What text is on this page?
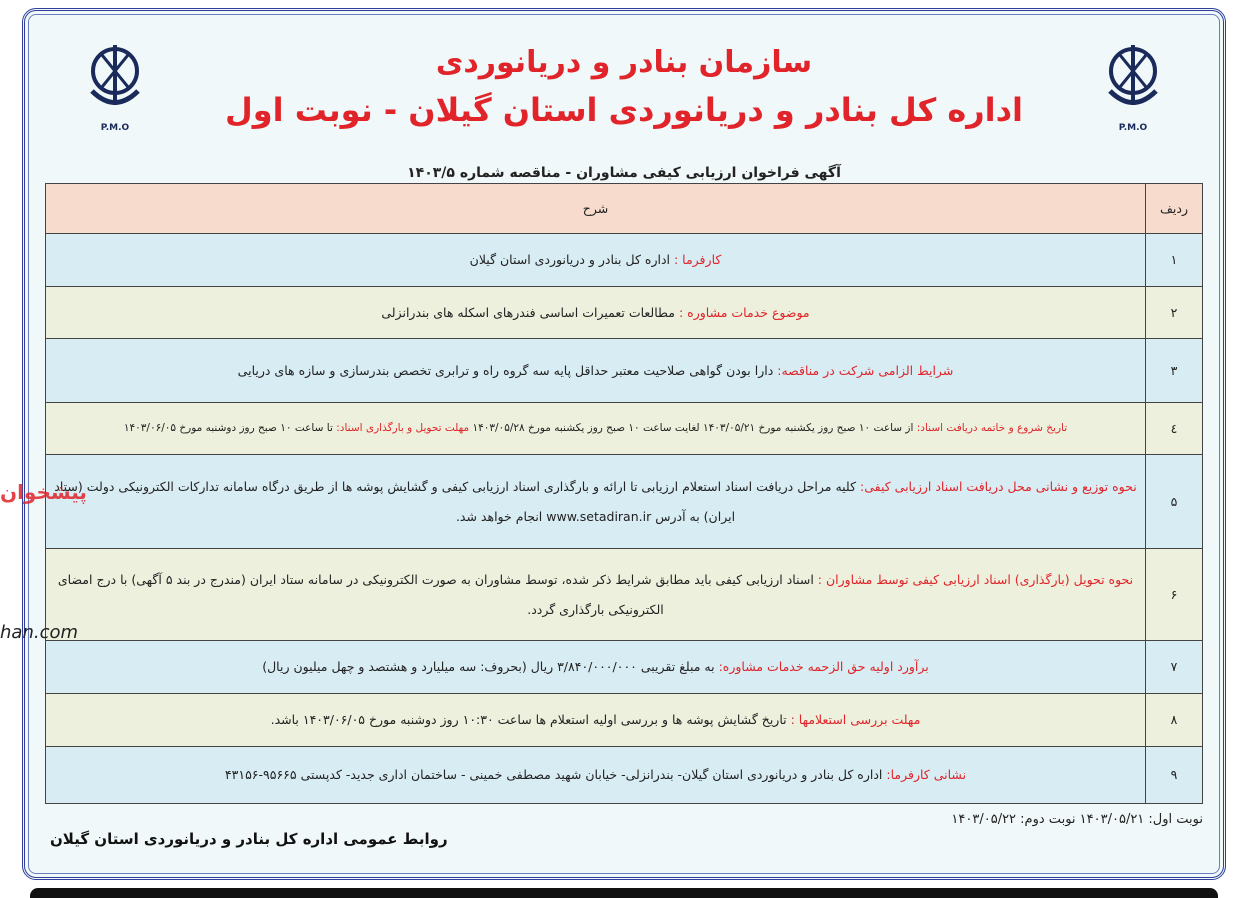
P.M.O
P.M.O
سازمان بنادر و دریانوردی
اداره کل بنادر و دریانوردی استان گیلان - نوبت اول
آگهی فراخوان ارزیابی کیفی مشاوران - مناقصه شماره ۱۴۰۳/۵
ردیف	شرح
۱	کارفرما : اداره کل بنادر و دریانوردی استان گیلان
۲	موضوع خدمات مشاوره : مطالعات تعمیرات اساسی فندرهای اسکله های بندرانزلی
۳	شرایط الزامی شرکت در مناقصه: دارا بودن گواهی صلاحیت معتبر حداقل پایه سه گروه راه و ترابری تخصص بندرسازی و سازه های دریایی
٤	تاریخ شروع و خاتمه دریافت اسناد: از ساعت ۱۰ صبح روز یکشنبه مورخ ۱۴۰۳/۰۵/۲۱ لغایت ساعت ۱۰ صبح روز یکشنبه مورخ ۱۴۰۳/۰۵/۲۸ مهلت تحویل و بارگذاری اسناد: تا ساعت ۱۰ صبح روز دوشنبه مورخ ۱۴۰۳/۰۶/۰۵
۵	نحوه توزیع و نشانی محل دریافت اسناد ارزیابی کیفی: کلیه مراحل دریافت اسناد استعلام ارزیابی تا ارائه و بارگذاری اسناد ارزیابی کیفی و گشایش پوشه ها از طریق درگاه سامانه تدارکات الکترونیکی دولت (ستاد ایران) به آدرس www.setadiran.ir انجام خواهد شد.
۶	نحوه تحویل (بارگذاری) اسناد ارزیابی کیفی توسط مشاوران : اسناد ارزیابی کیفی باید مطابق شرایط ذکر شده، توسط مشاوران به صورت الکترونیکی در سامانه ستاد ایران (مندرج در بند ۵ آگهی) با درج امضای الکترونیکی بارگذاری گردد.
۷	برآورد اولیه حق الزحمه خدمات مشاوره: به مبلغ تقریبی ۳/۸۴۰/۰۰۰/۰۰۰ ریال (بحروف: سه میلیارد و هشتصد و چهل میلیون ریال)
۸	مهلت بررسی استعلامها : تاریخ گشایش پوشه ها و بررسی اولیه استعلام ها ساعت ۱۰:۳۰ روز دوشنبه مورخ ۱۴۰۳/۰۶/۰۵ باشد.
۹	نشانی کارفرما: اداره کل بنادر و دریانوردی استان گیلان- بندرانزلی- خیابان شهید مصطفی خمینی - ساختمان اداری جدید- کدپستی ۹۵۶۶۵-۴۳۱۵۶
نوبت اول: ۱۴۰۳/۰۵/۲۱ نوبت دوم: ۱۴۰۳/۰۵/۲۲
روابط عمومی اداره کل بنادر و دریانوردی استان گیلان
پیشخوان
han.com
